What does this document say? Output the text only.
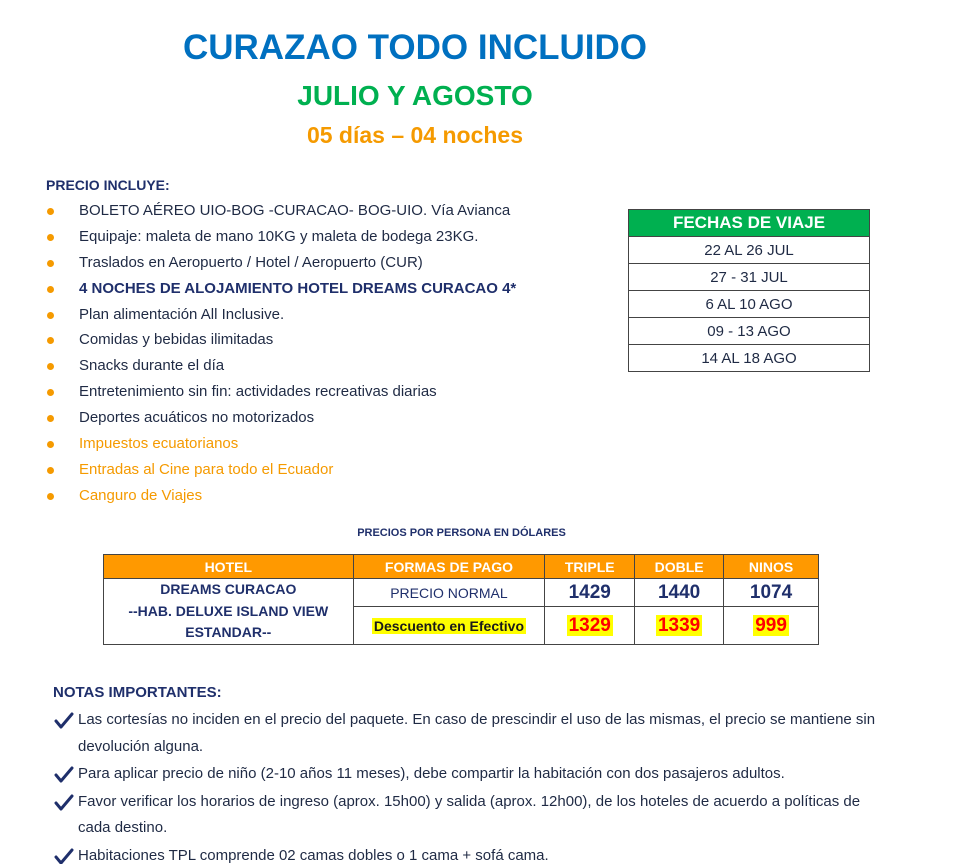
CURAZAO TODO INCLUIDO
JULIO Y AGOSTO
05 días – 04 noches
PRECIO INCLUYE:
BOLETO AÉREO UIO-BOG -CURACAO- BOG-UIO. Vía Avianca
Equipaje: maleta de mano 10KG y maleta de bodega 23KG.
Traslados en Aeropuerto / Hotel / Aeropuerto (CUR)
4 NOCHES DE ALOJAMIENTO HOTEL DREAMS CURACAO 4*
Plan alimentación All Inclusive.
Comidas y bebidas ilimitadas
Snacks durante el día
Entretenimiento sin fin: actividades recreativas diarias
Deportes acuáticos no motorizados
Impuestos ecuatorianos
Entradas al Cine para todo el Ecuador
Canguro de Viajes
FECHAS DE VIAJE
22 AL 26 JUL
27 - 31 JUL
6 AL 10 AGO
09 - 13 AGO
14 AL 18 AGO
PRECIOS POR PERSONA EN DÓLARES
HOTEL	FORMAS DE PAGO	TRIPLE	DOBLE	NINOS

DREAMS CURACAO
--HAB. DELUXE ISLAND VIEW
ESTANDAR--	PRECIO NORMAL	1429	1440	1074
	Descuento en Efectivo	1329	1339	999
NOTAS IMPORTANTES:
Las cortesías no inciden en el precio del paquete. En caso de prescindir el uso de las mismas, el precio se mantiene sin devolución alguna.
Para aplicar precio de niño (2-10 años 11 meses), debe compartir la habitación con dos pasajeros adultos.
Favor verificar los horarios de ingreso (aprox. 15h00) y salida (aprox. 12h00), de los hoteles de acuerdo a políticas de cada destino.
Habitaciones TPL comprende 02 camas dobles o 1 cama + sofá cama.
